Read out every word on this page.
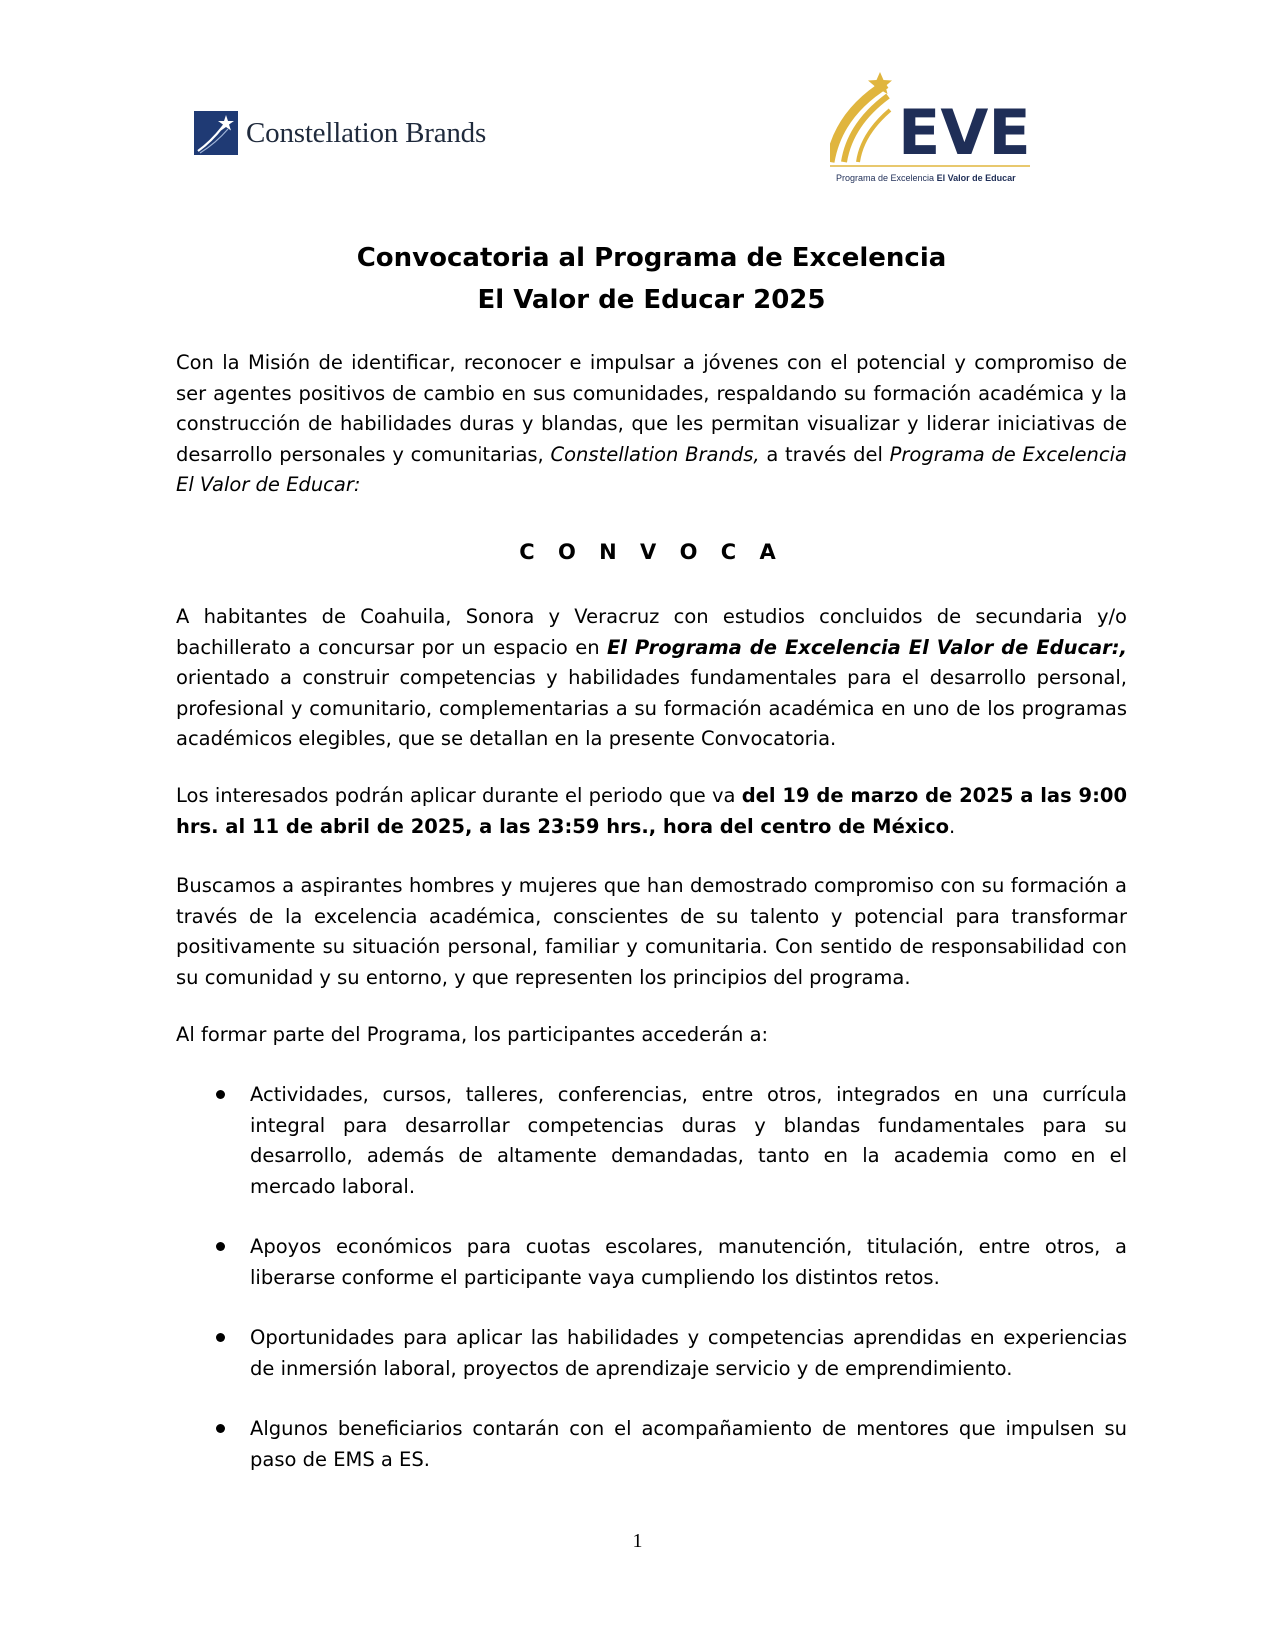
Constellation Brands	EVE
Programa de Excelencia El Valor de Educar
Convocatoria al Programa de Excelencia
El Valor de Educar 2025

Con la Misión de identificar, reconocer e impulsar a jóvenes con el potencial y compromiso de ser agentes positivos de cambio en sus comunidades, respaldando su formación académica y la construcción de habilidades duras y blandas, que les permitan visualizar y liderar iniciativas de desarrollo personales y comunitarias, Constellation Brands, a través del Programa de Excelencia El Valor de Educar:

C O N V O C A

A habitantes de Coahuila, Sonora y Veracruz con estudios concluidos de secundaria y/o bachillerato a concursar por un espacio en El Programa de Excelencia El Valor de Educar:, orientado a construir competencias y habilidades fundamentales para el desarrollo personal, profesional y comunitario, complementarias a su formación académica en uno de los programas académicos elegibles, que se detallan en la presente Convocatoria.

Los interesados podrán aplicar durante el periodo que va del 19 de marzo de 2025 a las 9:00 hrs. al 11 de abril de 2025, a las 23:59 hrs., hora del centro de México.

Buscamos a aspirantes hombres y mujeres que han demostrado compromiso con su formación a través de la excelencia académica, conscientes de su talento y potencial para transformar positivamente su situación personal, familiar y comunitaria. Con sentido de responsabilidad con su comunidad y su entorno, y que representen los principios del programa.

Al formar parte del Programa, los participantes accederán a:

Actividades, cursos, talleres, conferencias, entre otros, integrados en una currícula integral para desarrollar competencias duras y blandas fundamentales para su desarrollo, además de altamente demandadas, tanto en la academia como en el mercado laboral.
Apoyos económicos para cuotas escolares, manutención, titulación, entre otros, a liberarse conforme el participante vaya cumpliendo los distintos retos.
Oportunidades para aplicar las habilidades y competencias aprendidas en experiencias de inmersión laboral, proyectos de aprendizaje servicio y de emprendimiento.
Algunos beneficiarios contarán con el acompañamiento de mentores que impulsen su paso de EMS a ES.
1
